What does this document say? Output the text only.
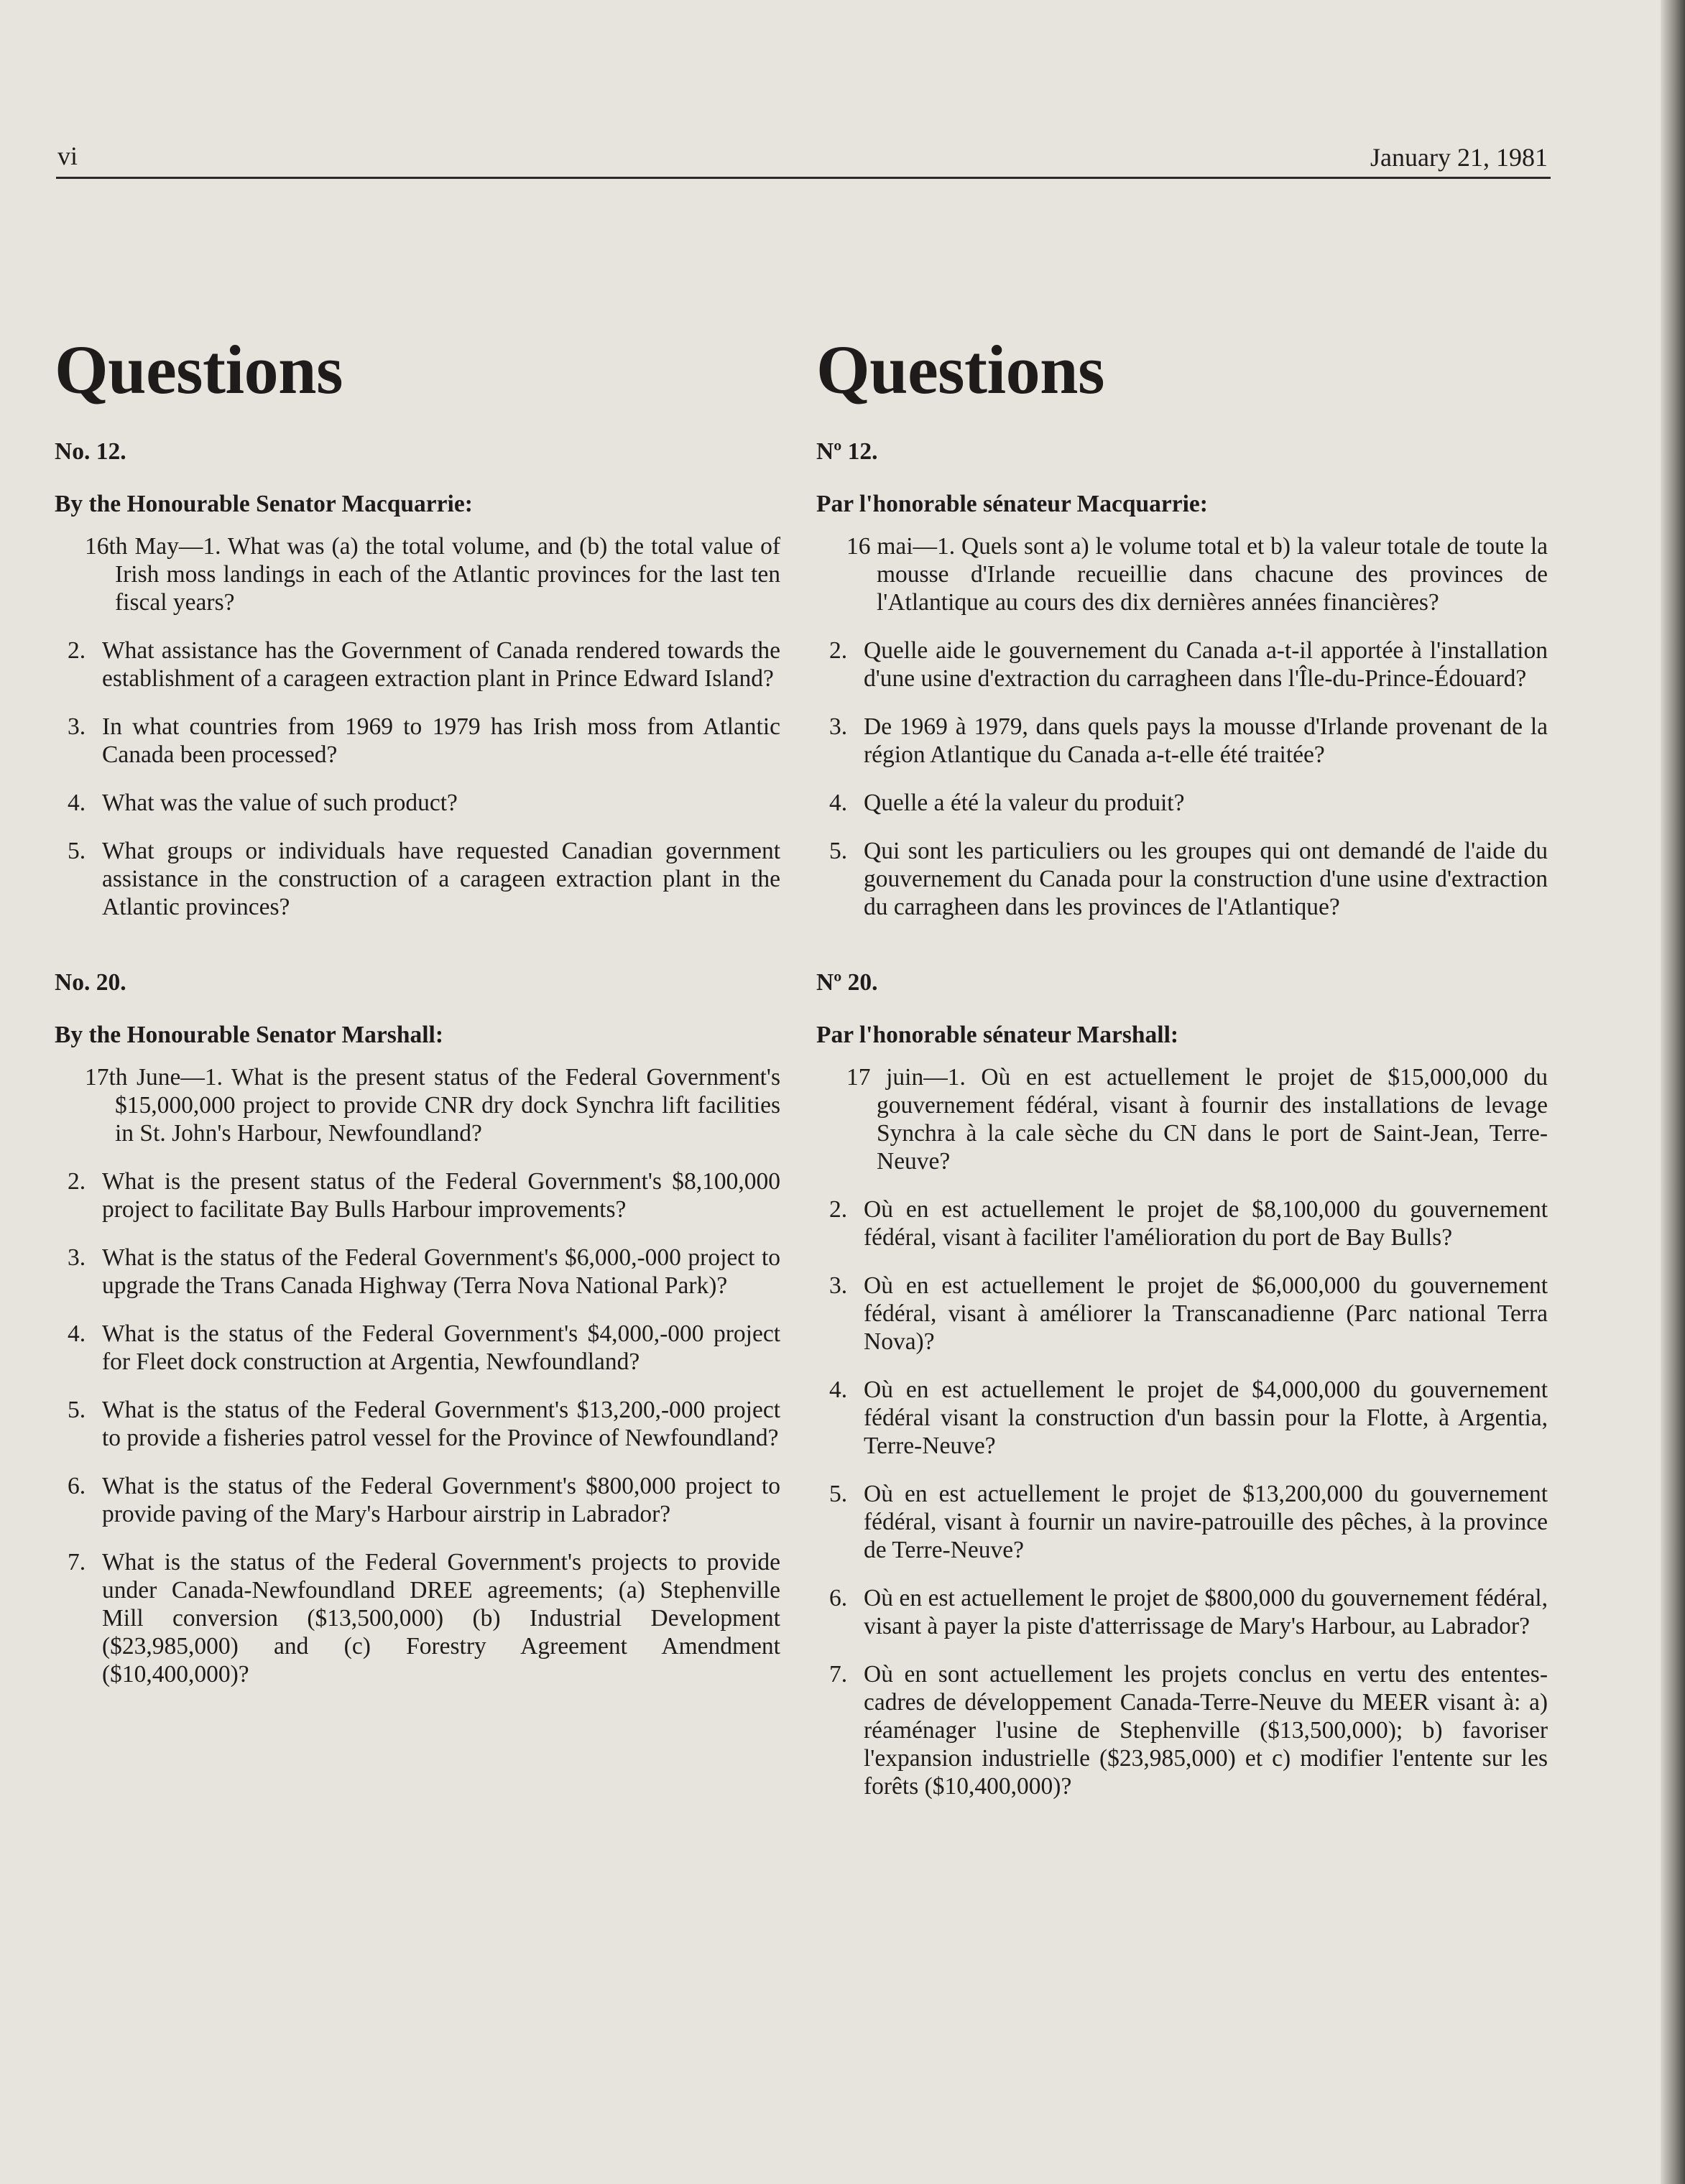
vi	January 21, 1981
Questions
No. 12.
By the Honourable Senator Macquarrie:
16th May—1. What was (a) the total volume, and (b) the total value of Irish moss landings in each of the Atlantic provinces for the last ten fiscal years?
2. What assistance has the Government of Canada rendered towards the establishment of a carageen extraction plant in Prince Edward Island?
3. In what countries from 1969 to 1979 has Irish moss from Atlantic Canada been processed?
4. What was the value of such product?
5. What groups or individuals have requested Canadian government assistance in the construction of a carageen extraction plant in the Atlantic provinces?
No. 20.
By the Honourable Senator Marshall:
17th June—1. What is the present status of the Federal Government's $15,000,000 project to provide CNR dry dock Synchra lift facilities in St. John's Harbour, Newfoundland?
2. What is the present status of the Federal Government's $8,100,000 project to facilitate Bay Bulls Harbour improvements?
3. What is the status of the Federal Government's $6,000,-000 project to upgrade the Trans Canada Highway (Terra Nova National Park)?
4. What is the status of the Federal Government's $4,000,-000 project for Fleet dock construction at Argentia, Newfoundland?
5. What is the status of the Federal Government's $13,200,-000 project to provide a fisheries patrol vessel for the Province of Newfoundland?
6. What is the status of the Federal Government's $800,000 project to provide paving of the Mary's Harbour airstrip in Labrador?
7. What is the status of the Federal Government's projects to provide under Canada-Newfoundland DREE agreements; (a) Stephenville Mill conversion ($13,500,000) (b) Industrial Development ($23,985,000) and (c) Forestry Agreement Amendment ($10,400,000)?
Questions
Nº 12.
Par l'honorable sénateur Macquarrie:
16 mai—1. Quels sont a) le volume total et b) la valeur totale de toute la mousse d'Irlande recueillie dans chacune des provinces de l'Atlantique au cours des dix dernières années financières?
2. Quelle aide le gouvernement du Canada a-t-il apportée à l'installation d'une usine d'extraction du carragheen dans l'Île-du-Prince-Édouard?
3. De 1969 à 1979, dans quels pays la mousse d'Irlande provenant de la région Atlantique du Canada a-t-elle été traitée?
4. Quelle a été la valeur du produit?
5. Qui sont les particuliers ou les groupes qui ont demandé de l'aide du gouvernement du Canada pour la construction d'une usine d'extraction du carragheen dans les provinces de l'Atlantique?
Nº 20.
Par l'honorable sénateur Marshall:
17 juin—1. Où en est actuellement le projet de $15,000,000 du gouvernement fédéral, visant à fournir des installations de levage Synchra à la cale sèche du CN dans le port de Saint-Jean, Terre-Neuve?
2. Où en est actuellement le projet de $8,100,000 du gouvernement fédéral, visant à faciliter l'amélioration du port de Bay Bulls?
3. Où en est actuellement le projet de $6,000,000 du gouvernement fédéral, visant à améliorer la Transcanadienne (Parc national Terra Nova)?
4. Où en est actuellement le projet de $4,000,000 du gouvernement fédéral visant la construction d'un bassin pour la Flotte, à Argentia, Terre-Neuve?
5. Où en est actuellement le projet de $13,200,000 du gouvernement fédéral, visant à fournir un navire-patrouille des pêches, à la province de Terre-Neuve?
6. Où en est actuellement le projet de $800,000 du gouvernement fédéral, visant à payer la piste d'atterrissage de Mary's Harbour, au Labrador?
7. Où en sont actuellement les projets conclus en vertu des ententes-cadres de développement Canada-Terre-Neuve du MEER visant à: a) réaménager l'usine de Stephenville ($13,500,000); b) favoriser l'expansion industrielle ($23,985,000) et c) modifier l'entente sur les forêts ($10,400,000)?
